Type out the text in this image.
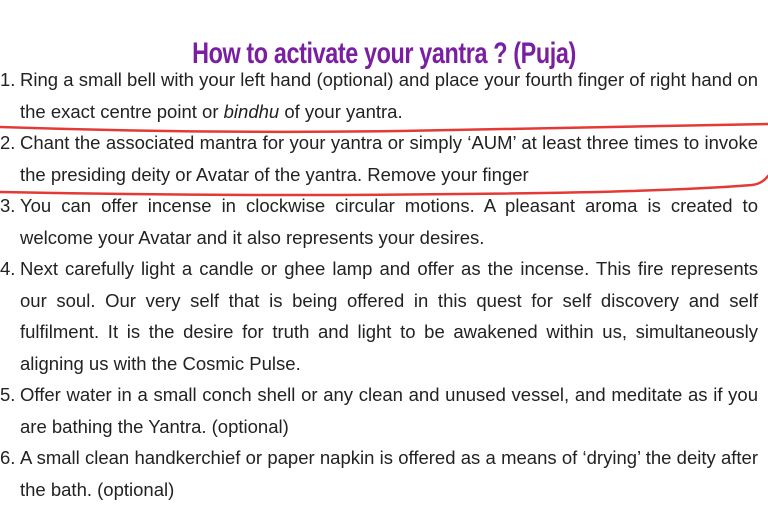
How to activate your yantra ? (Puja)
1. Ring a small bell with your left hand (optional) and place your fourth finger of right hand on the exact centre point or bindhu of your yantra.
2. Chant the associated mantra for your yantra or simply ‘AUM’ at least three times to invoke the presiding deity or Avatar of the yantra. Remove your finger
3. You can offer incense in clockwise circular motions. A pleasant aroma is created to welcome your Avatar and it also represents your desires.
4. Next carefully light a candle or ghee lamp and offer as the incense. This fire represents our soul. Our very self that is being offered in this quest for self discovery and self fulfilment. It is the desire for truth and light to be awakened within us, simultaneously aligning us with the Cosmic Pulse.
5. Offer water in a small conch shell or any clean and unused vessel, and meditate as if you are bathing the Yantra. (optional)
6. A small clean handkerchief or paper napkin is offered as a means of ‘drying’ the deity after the bath. (optional)
